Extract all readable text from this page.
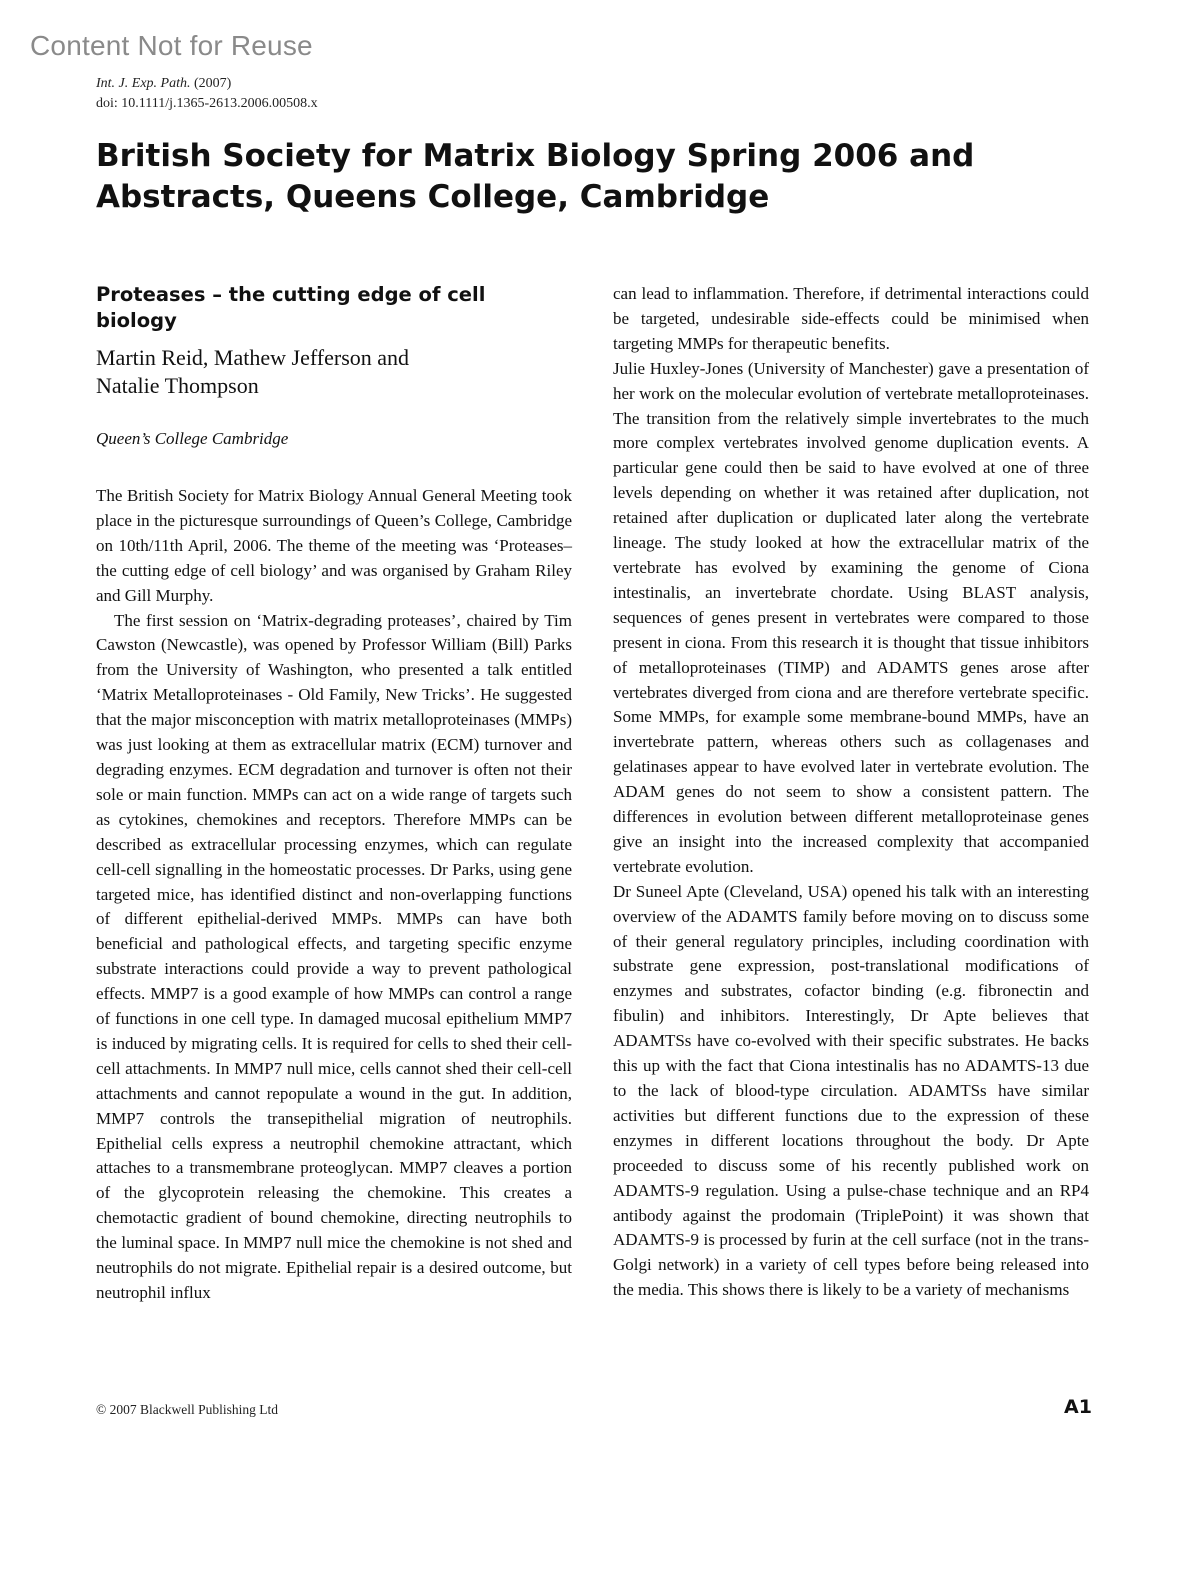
Content Not for Reuse
Int. J. Exp. Path. (2007)
doi: 10.1111/j.1365-2613.2006.00508.x
British Society for Matrix Biology Spring 2006 and Abstracts, Queens College, Cambridge
Proteases – the cutting edge of cell biology
Martin Reid, Mathew Jefferson and Natalie Thompson
Queen’s College Cambridge

The British Society for Matrix Biology Annual General Meeting took place in the picturesque surroundings of Queen’s College, Cambridge on 10th/11th April, 2006. The theme of the meeting was ‘Proteases–the cutting edge of cell biology’ and was organised by Graham Riley and Gill Murphy.

The first session on ‘Matrix-degrading proteases’, chaired by Tim Cawston (Newcastle), was opened by Professor William (Bill) Parks from the University of Washington, who presented a talk entitled ‘Matrix Metalloproteinases - Old Family, New Tricks’. He suggested that the major misconception with matrix metalloproteinases (MMPs) was just looking at them as extracellular matrix (ECM) turnover and degrading enzymes. ECM degradation and turnover is often not their sole or main function. MMPs can act on a wide range of targets such as cytokines, chemokines and receptors. Therefore MMPs can be described as extracellular processing enzymes, which can regulate cell-cell signalling in the homeostatic processes. Dr Parks, using gene targeted mice, has identified distinct and non-overlapping functions of different epithelial-derived MMPs. MMPs can have both beneficial and pathological effects, and targeting specific enzyme substrate interactions could provide a way to prevent pathological effects. MMP7 is a good example of how MMPs can control a range of functions in one cell type. In damaged mucosal epithelium MMP7 is induced by migrating cells. It is required for cells to shed their cell-cell attachments. In MMP7 null mice, cells cannot shed their cell-cell attachments and cannot repopulate a wound in the gut. In addition, MMP7 controls the transepithelial migration of neutrophils. Epithelial cells express a neutrophil chemokine attractant, which attaches to a transmembrane proteoglycan. MMP7 cleaves a portion of the glycoprotein releasing the chemokine. This creates a chemotactic gradient of bound chemokine, directing neutrophils to the luminal space. In MMP7 null mice the chemokine is not shed and neutrophils do not migrate. Epithelial repair is a desired outcome, but neutrophil influx

can lead to inflammation. Therefore, if detrimental interactions could be targeted, undesirable side-effects could be minimised when targeting MMPs for therapeutic benefits.

Julie Huxley-Jones (University of Manchester) gave a presentation of her work on the molecular evolution of vertebrate metalloproteinases. The transition from the relatively simple invertebrates to the much more complex vertebrates involved genome duplication events. A particular gene could then be said to have evolved at one of three levels depending on whether it was retained after duplication, not retained after duplication or duplicated later along the vertebrate lineage. The study looked at how the extracellular matrix of the vertebrate has evolved by examining the genome of Ciona intestinalis, an invertebrate chordate. Using BLAST analysis, sequences of genes present in vertebrates were compared to those present in ciona. From this research it is thought that tissue inhibitors of metalloproteinases (TIMP) and ADAMTS genes arose after vertebrates diverged from ciona and are therefore vertebrate specific. Some MMPs, for example some membrane-bound MMPs, have an invertebrate pattern, whereas others such as collagenases and gelatinases appear to have evolved later in vertebrate evolution. The ADAM genes do not seem to show a consistent pattern. The differences in evolution between different metalloproteinase genes give an insight into the increased complexity that accompanied vertebrate evolution.

Dr Suneel Apte (Cleveland, USA) opened his talk with an interesting overview of the ADAMTS family before moving on to discuss some of their general regulatory principles, including coordination with substrate gene expression, post-translational modifications of enzymes and substrates, cofactor binding (e.g. fibronectin and fibulin) and inhibitors. Interestingly, Dr Apte believes that ADAMTSs have co-evolved with their specific substrates. He backs this up with the fact that Ciona intestinalis has no ADAMTS-13 due to the lack of blood-type circulation. ADAMTSs have similar activities but different functions due to the expression of these enzymes in different locations throughout the body. Dr Apte proceeded to discuss some of his recently published work on ADAMTS-9 regulation. Using a pulse-chase technique and an RP4 antibody against the prodomain (TriplePoint) it was shown that ADAMTS-9 is processed by furin at the cell surface (not in the trans-Golgi network) in a variety of cell types before being released into the media. This shows there is likely to be a variety of mechanisms

© 2007 Blackwell Publishing Ltd	A1
